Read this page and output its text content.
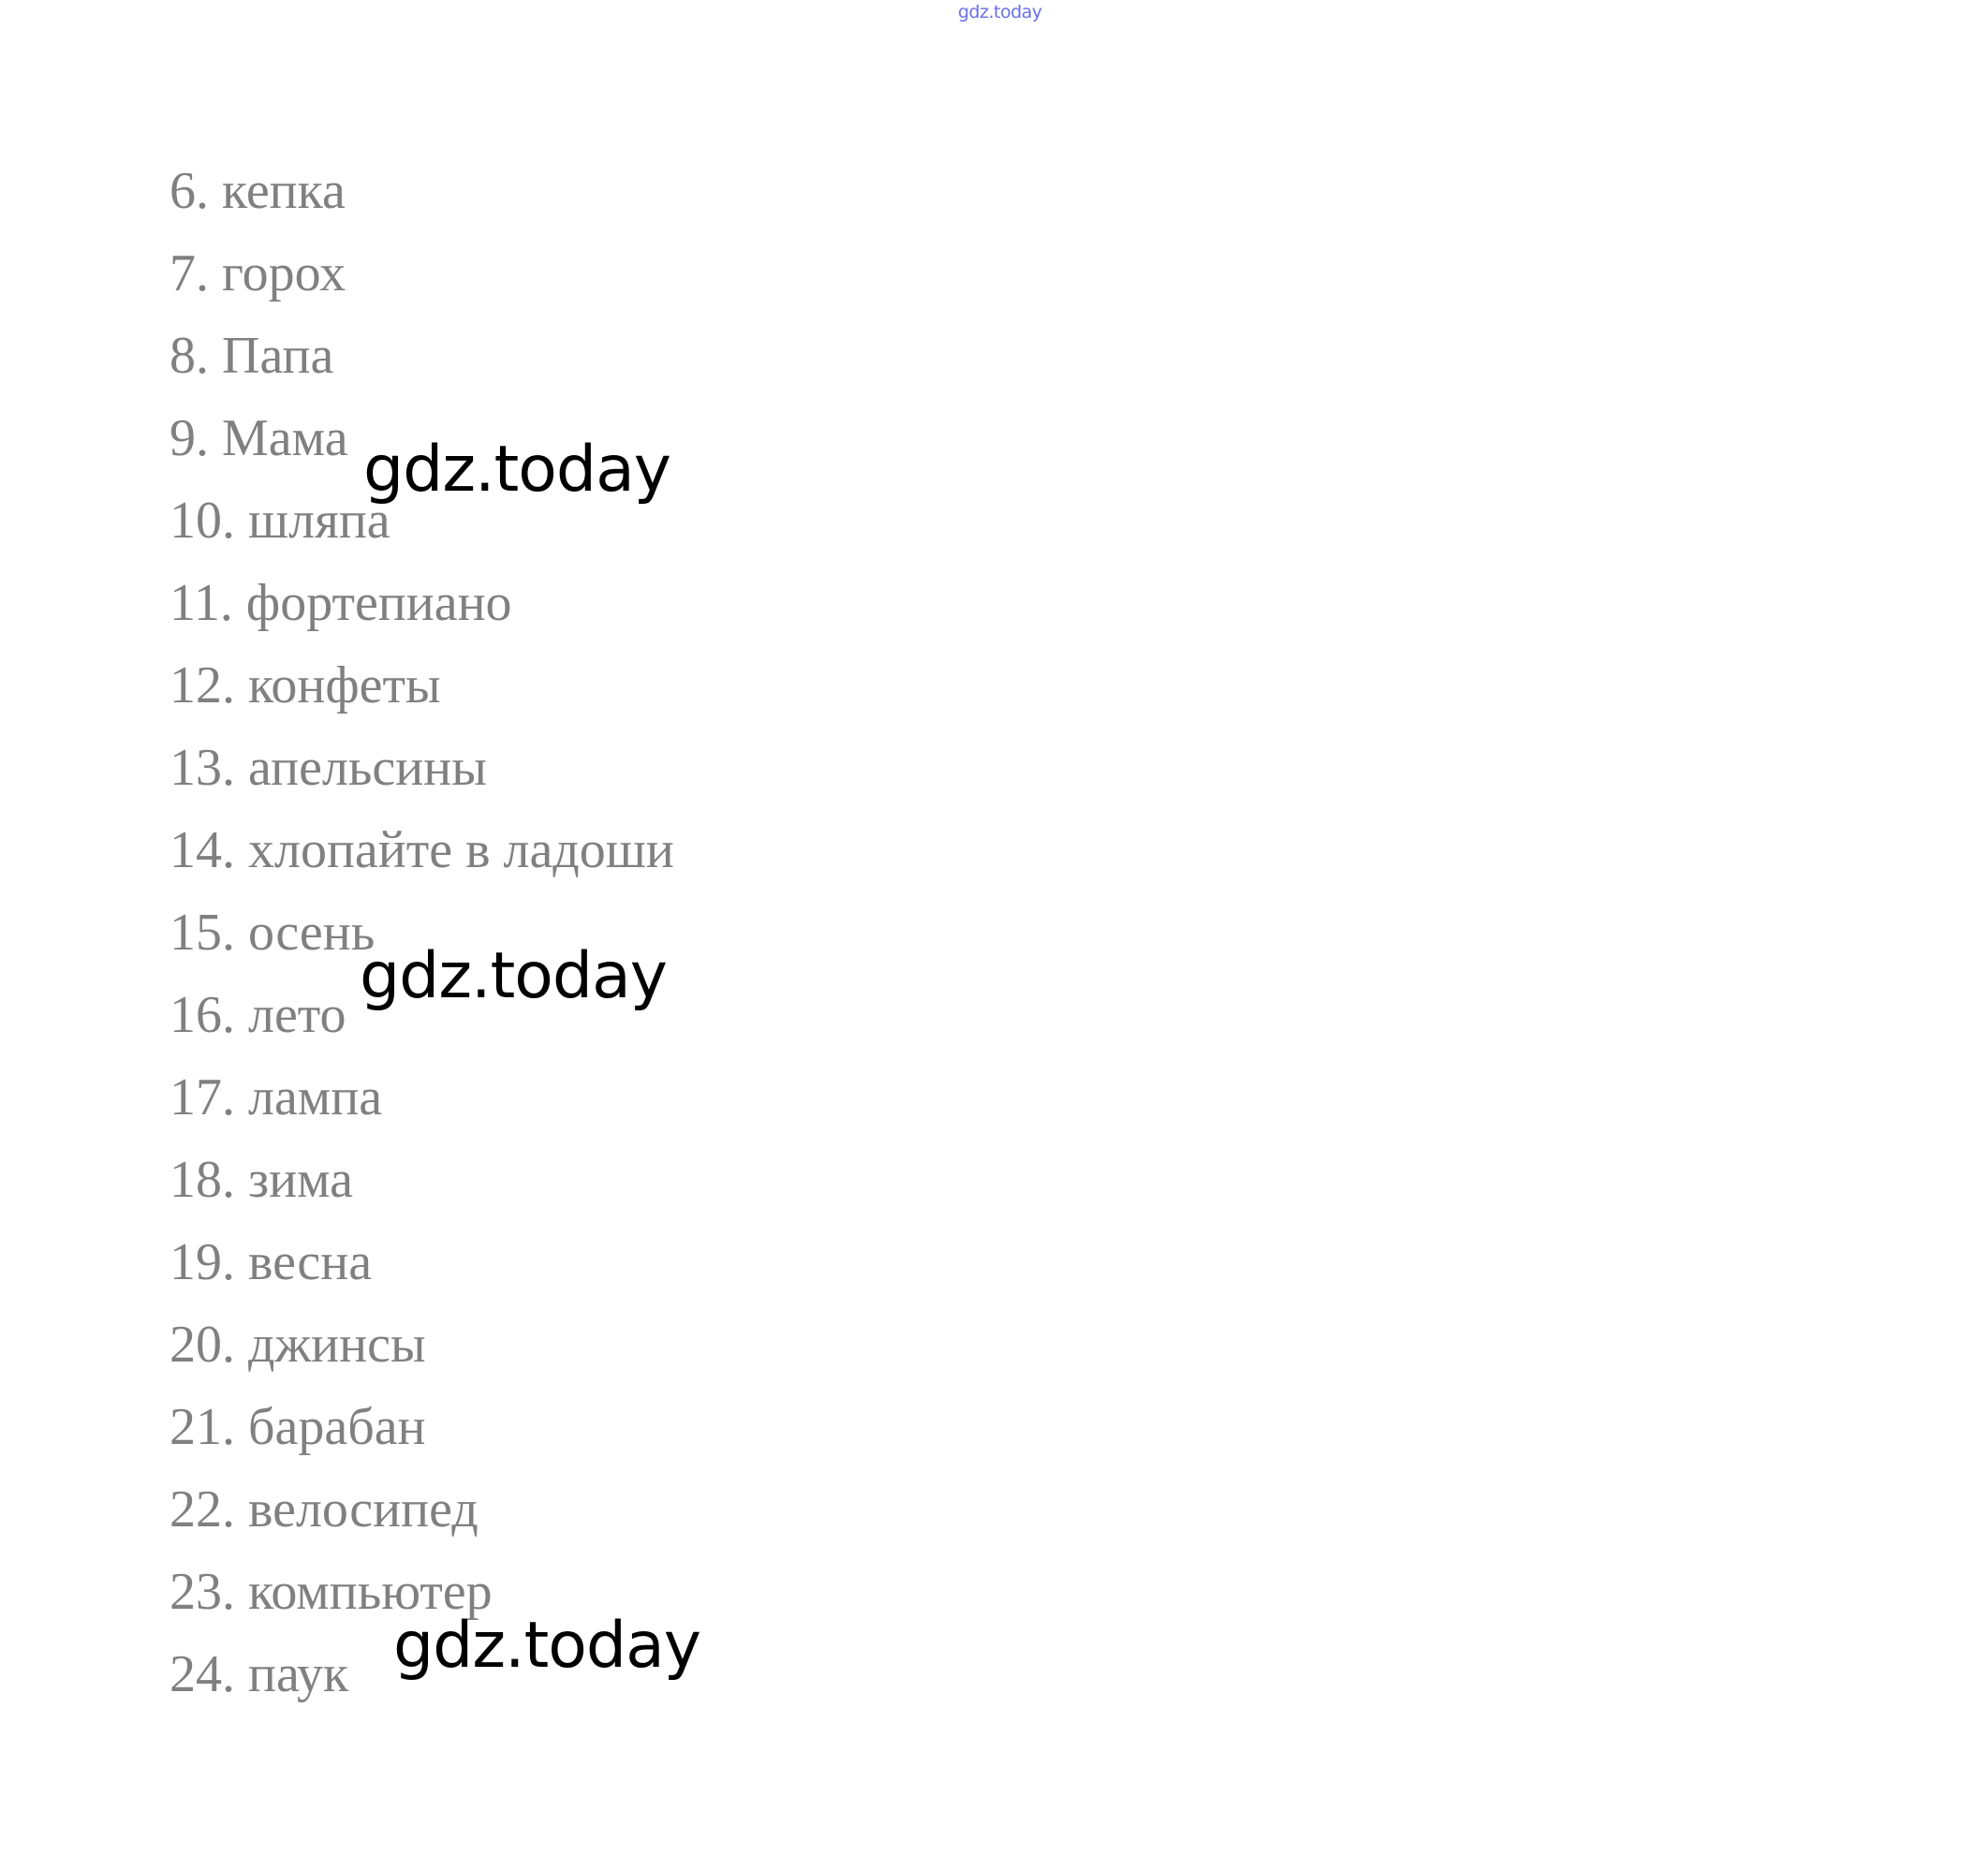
gdz.today
6. кепка
7. горох
8. Папа
9. Мама
10. шляпа
11. фортепиано
12. конфеты
13. апельсины
14. хлопайте в ладоши
15. осень
16. лето
17. лампа
18. зима
19. весна
20. джинсы
21. барабан
22. велосипед
23. компьютер
24. паук
gdz.today
gdz.today
gdz.today
